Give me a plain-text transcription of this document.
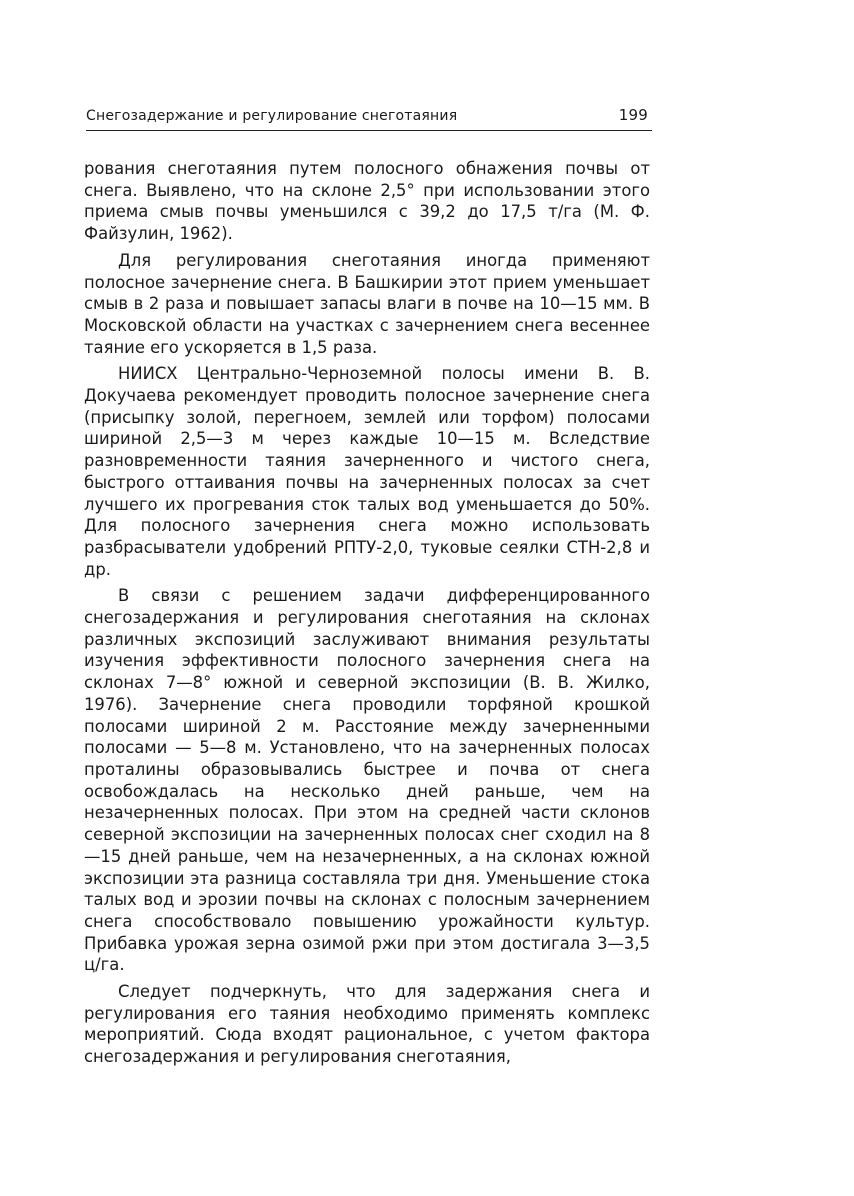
Снегозадержание и регулирование снеготаяния	199

рования снеготаяния путем полосного обнажения почвы от снега. Выявлено, что на склоне 2,5° при использовании этого приема смыв почвы уменьшился с 39,2 до 17,5 т/га (М. Ф. Файзулин, 1962).

Для регулирования снеготаяния иногда применяют полосное зачернение снега. В Башкирии этот прием уменьшает смыв в 2 раза и повышает запасы влаги в почве на 10—15 мм. В Московской области на участках с зачернением снега весеннее таяние его ускоряется в 1,5 раза.

НИИСХ Центрально-Черноземной полосы имени В. В. Докучаева рекомендует проводить полосное зачернение снега (присыпку золой, перегноем, землей или торфом) полосами шириной 2,5—3 м через каждые 10—15 м. Вследствие разновременности таяния зачерненного и чистого снега, быстрого оттаивания почвы на зачерненных полосах за счет лучшего их прогревания сток талых вод уменьшается до 50%. Для полосного зачернения снега можно использовать разбрасыватели удобрений РПТУ-2,0, туковые сеялки СТН-2,8 и др.

В связи с решением задачи дифференцированного снегозадержания и регулирования снеготаяния на склонах различных экспозиций заслуживают внимания результаты изучения эффективности полосного зачернения снега на склонах 7—8° южной и северной экспозиции (В. В. Жилко, 1976). Зачернение снега проводили торфяной крошкой полосами шириной 2 м. Расстояние между зачерненными полосами — 5—8 м. Установлено, что на зачерненных полосах проталины образовывались быстрее и почва от снега освобождалась на несколько дней раньше, чем на незачерненных полосах. При этом на средней части склонов северной экспозиции на зачерненных полосах снег сходил на 8—15 дней раньше, чем на незачерненных, а на склонах южной экспозиции эта разница составляла три дня. Уменьшение стока талых вод и эрозии почвы на склонах с полосным зачернением снега способствовало повышению урожайности культур. Прибавка урожая зерна озимой ржи при этом достигала 3—3,5 ц/га.

Следует подчеркнуть, что для задержания снега и регулирования его таяния необходимо применять комплекс мероприятий. Сюда входят рациональное, с учетом фактора снегозадержания и регулирования снеготаяния,
